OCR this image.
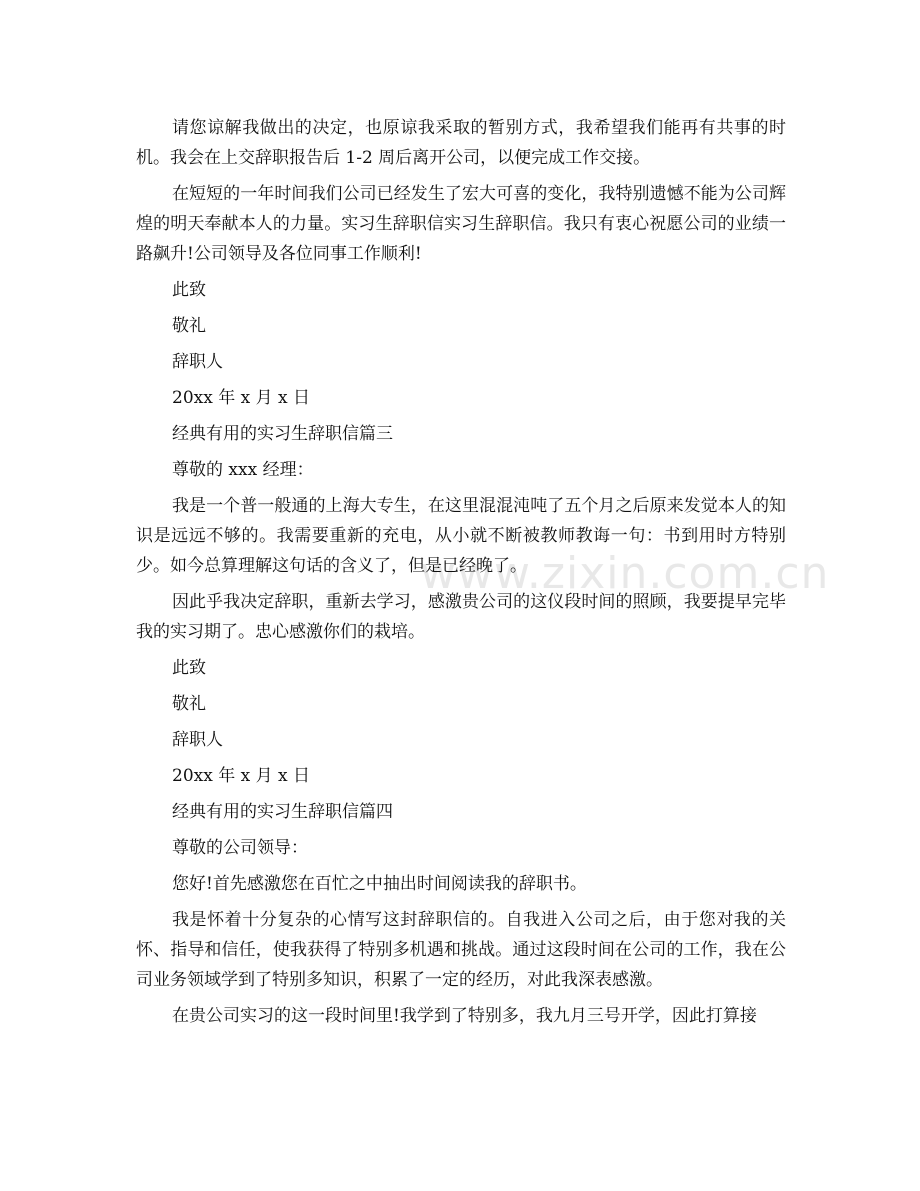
www.zixin.com.cn

请您谅解我做出的决定，也原谅我采取的暂别方式，我希望我们能再有共事的时机。我会在上交辞职报告后 1-2 周后离开公司，以便完成工作交接。

在短短的一年时间我们公司已经发生了宏大可喜的变化，我特别遗憾不能为公司辉煌的明天奉献本人的力量。实习生辞职信实习生辞职信。我只有衷心祝愿公司的业绩一路飙升!公司领导及各位同事工作顺利!

此致

敬礼

辞职人

20xx 年 x 月 x 日

经典有用的实习生辞职信篇三

尊敬的 xxx 经理：

我是一个普一般通的上海大专生，在这里混混沌吨了五个月之后原来发觉本人的知识是远远不够的。我需要重新的充电，从小就不断被教师教诲一句：书到用时方特别少。如今总算理解这句话的含义了，但是已经晚了。

因此乎我决定辞职，重新去学习，感激贵公司的这仪段时间的照顾，我要提早完毕我的实习期了。忠心感激你们的栽培。

此致

敬礼

辞职人

20xx 年 x 月 x 日

经典有用的实习生辞职信篇四

尊敬的公司领导：

您好!首先感激您在百忙之中抽出时间阅读我的辞职书。

我是怀着十分复杂的心情写这封辞职信的。自我进入公司之后，由于您对我的关怀、指导和信任，使我获得了特别多机遇和挑战。通过这段时间在公司的工作，我在公司业务领域学到了特别多知识，积累了一定的经历，对此我深表感激。

在贵公司实习的这一段时间里!我学到了特别多，我九月三号开学，因此打算接
